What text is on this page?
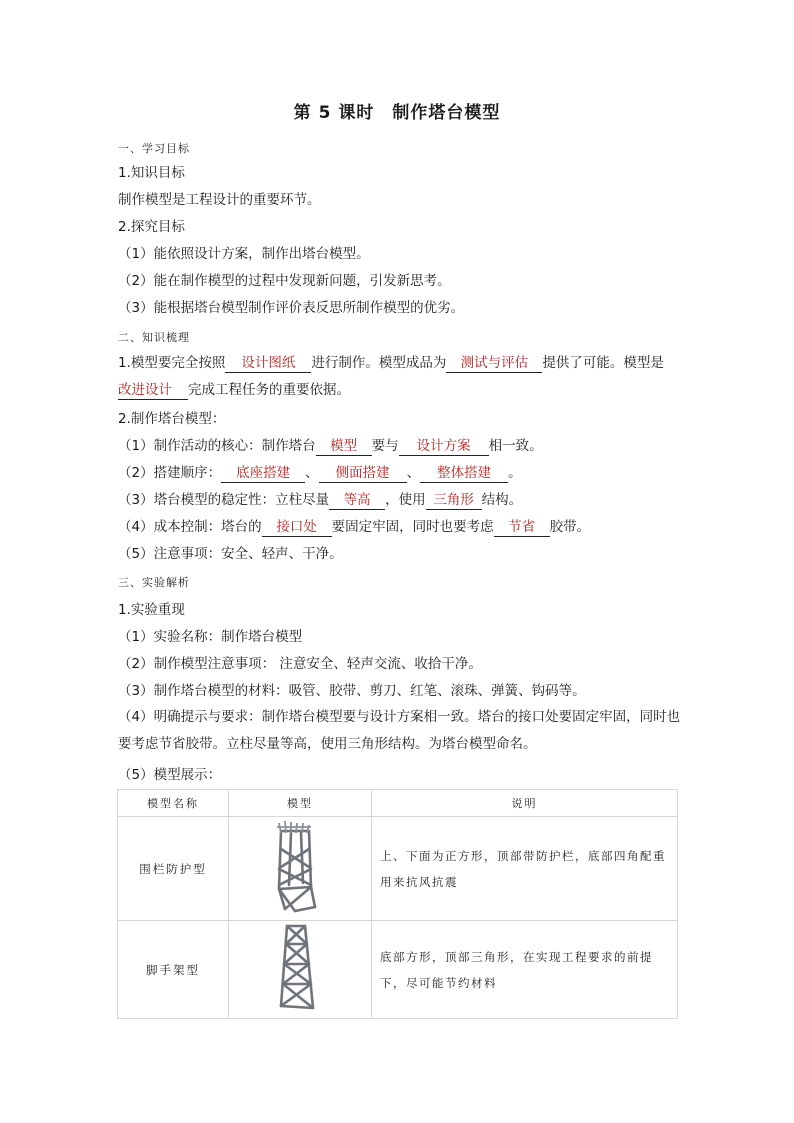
第 5 课时 制作塔台模型
一、学习目标
1.知识目标
制作模型是工程设计的重要环节。
2.探究目标
（1）能依照设计方案，制作出塔台模型。
（2）能在制作模型的过程中发现新问题，引发新思考。
（3）能根据塔台模型制作评价表反思所制作模型的优劣。
二、知识梳理
1.模型要完全按照 设计图纸 进行制作。模型成品为 测试与评估 提供了可能。模型是
改进设计 完成工程任务的重要依据。
2.制作塔台模型：
（1）制作活动的核心：制作塔台 模型 要与 设计方案 相一致。
（2）搭建顺序： 底座搭建 、 侧面搭建 、 整体搭建 。
（3）塔台模型的稳定性：立柱尽量 等高 ，使用 三角形 结构。
（4）成本控制：塔台的 接口处 要固定牢固，同时也要考虑 节省 胶带。
（5）注意事项：安全、轻声、干净。
三、实验解析
1.实验重现
（1）实验名称：制作塔台模型
（2）制作模型注意事项： 注意安全、轻声交流、收拾干净。
（3）制作塔台模型的材料：吸管、胶带、剪刀、红笔、滚珠、弹簧、钩码等。
（4）明确提示与要求：制作塔台模型要与设计方案相一致。塔台的接口处要固定牢固，同时也要考虑节省胶带。立柱尽量等高，使用三角形结构。为塔台模型命名。
（5）模型展示：
模型名称	模型	说明
围栏防护型		上、下面为正方形，顶部带防护栏，底部四角配重用来抗风抗震
脚手架型		底部方形，顶部三角形，在实现工程要求的前提下，尽可能节约材料
